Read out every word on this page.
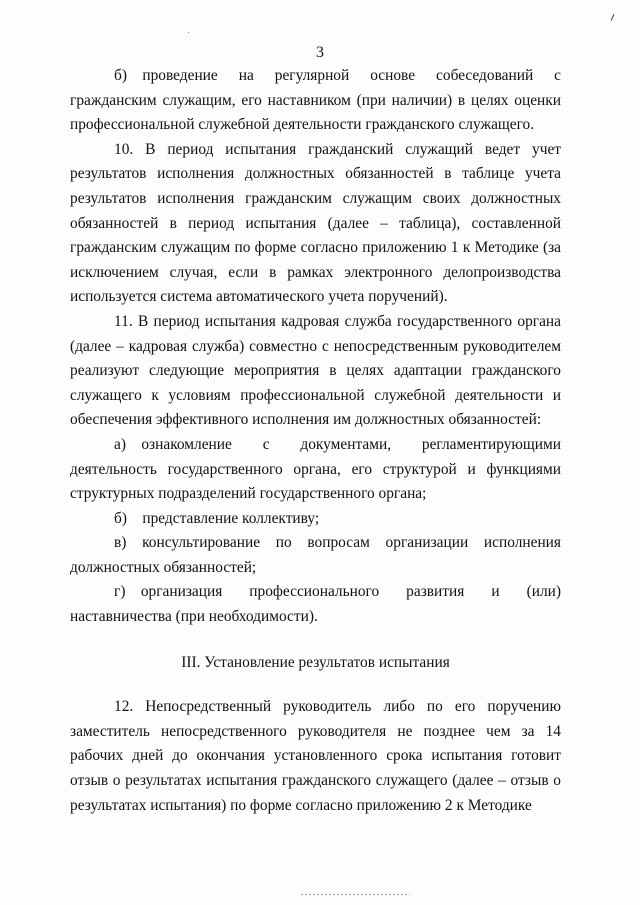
3

б) проведение на регулярной основе собеседований с гражданским служащим, его наставником (при наличии) в целях оценки профессиональной служебной деятельности гражданского служащего.

10. В период испытания гражданский служащий ведет учет результатов исполнения должностных обязанностей в таблице учета результатов исполнения гражданским служащим своих должностных обязанностей в период испытания (далее – таблица), составленной гражданским служащим по форме согласно приложению 1 к Методике (за исключением случая, если в рамках электронного делопроизводства используется система автоматического учета поручений).

11. В период испытания кадровая служба государственного органа (далее – кадровая служба) совместно с непосредственным руководителем реализуют следующие мероприятия в целях адаптации гражданского служащего к условиям профессиональной служебной деятельности и обеспечения эффективного исполнения им должностных обязанностей:

а) ознакомление с документами, регламентирующими деятельность государственного органа, его структурой и функциями структурных подразделений государственного органа;

б) представление коллективу;

в) консультирование по вопросам организации исполнения должностных обязанностей;

г) организация профессионального развития и (или) наставничества (при необходимости).

III. Установление результатов испытания

12. Непосредственный руководитель либо по его поручению заместитель непосредственного руководителя не позднее чем за 14 рабочих дней до окончания установленного срока испытания готовит отзыв о результатах испытания гражданского служащего (далее – отзыв о результатах испытания) по форме согласно приложению 2 к Методике
